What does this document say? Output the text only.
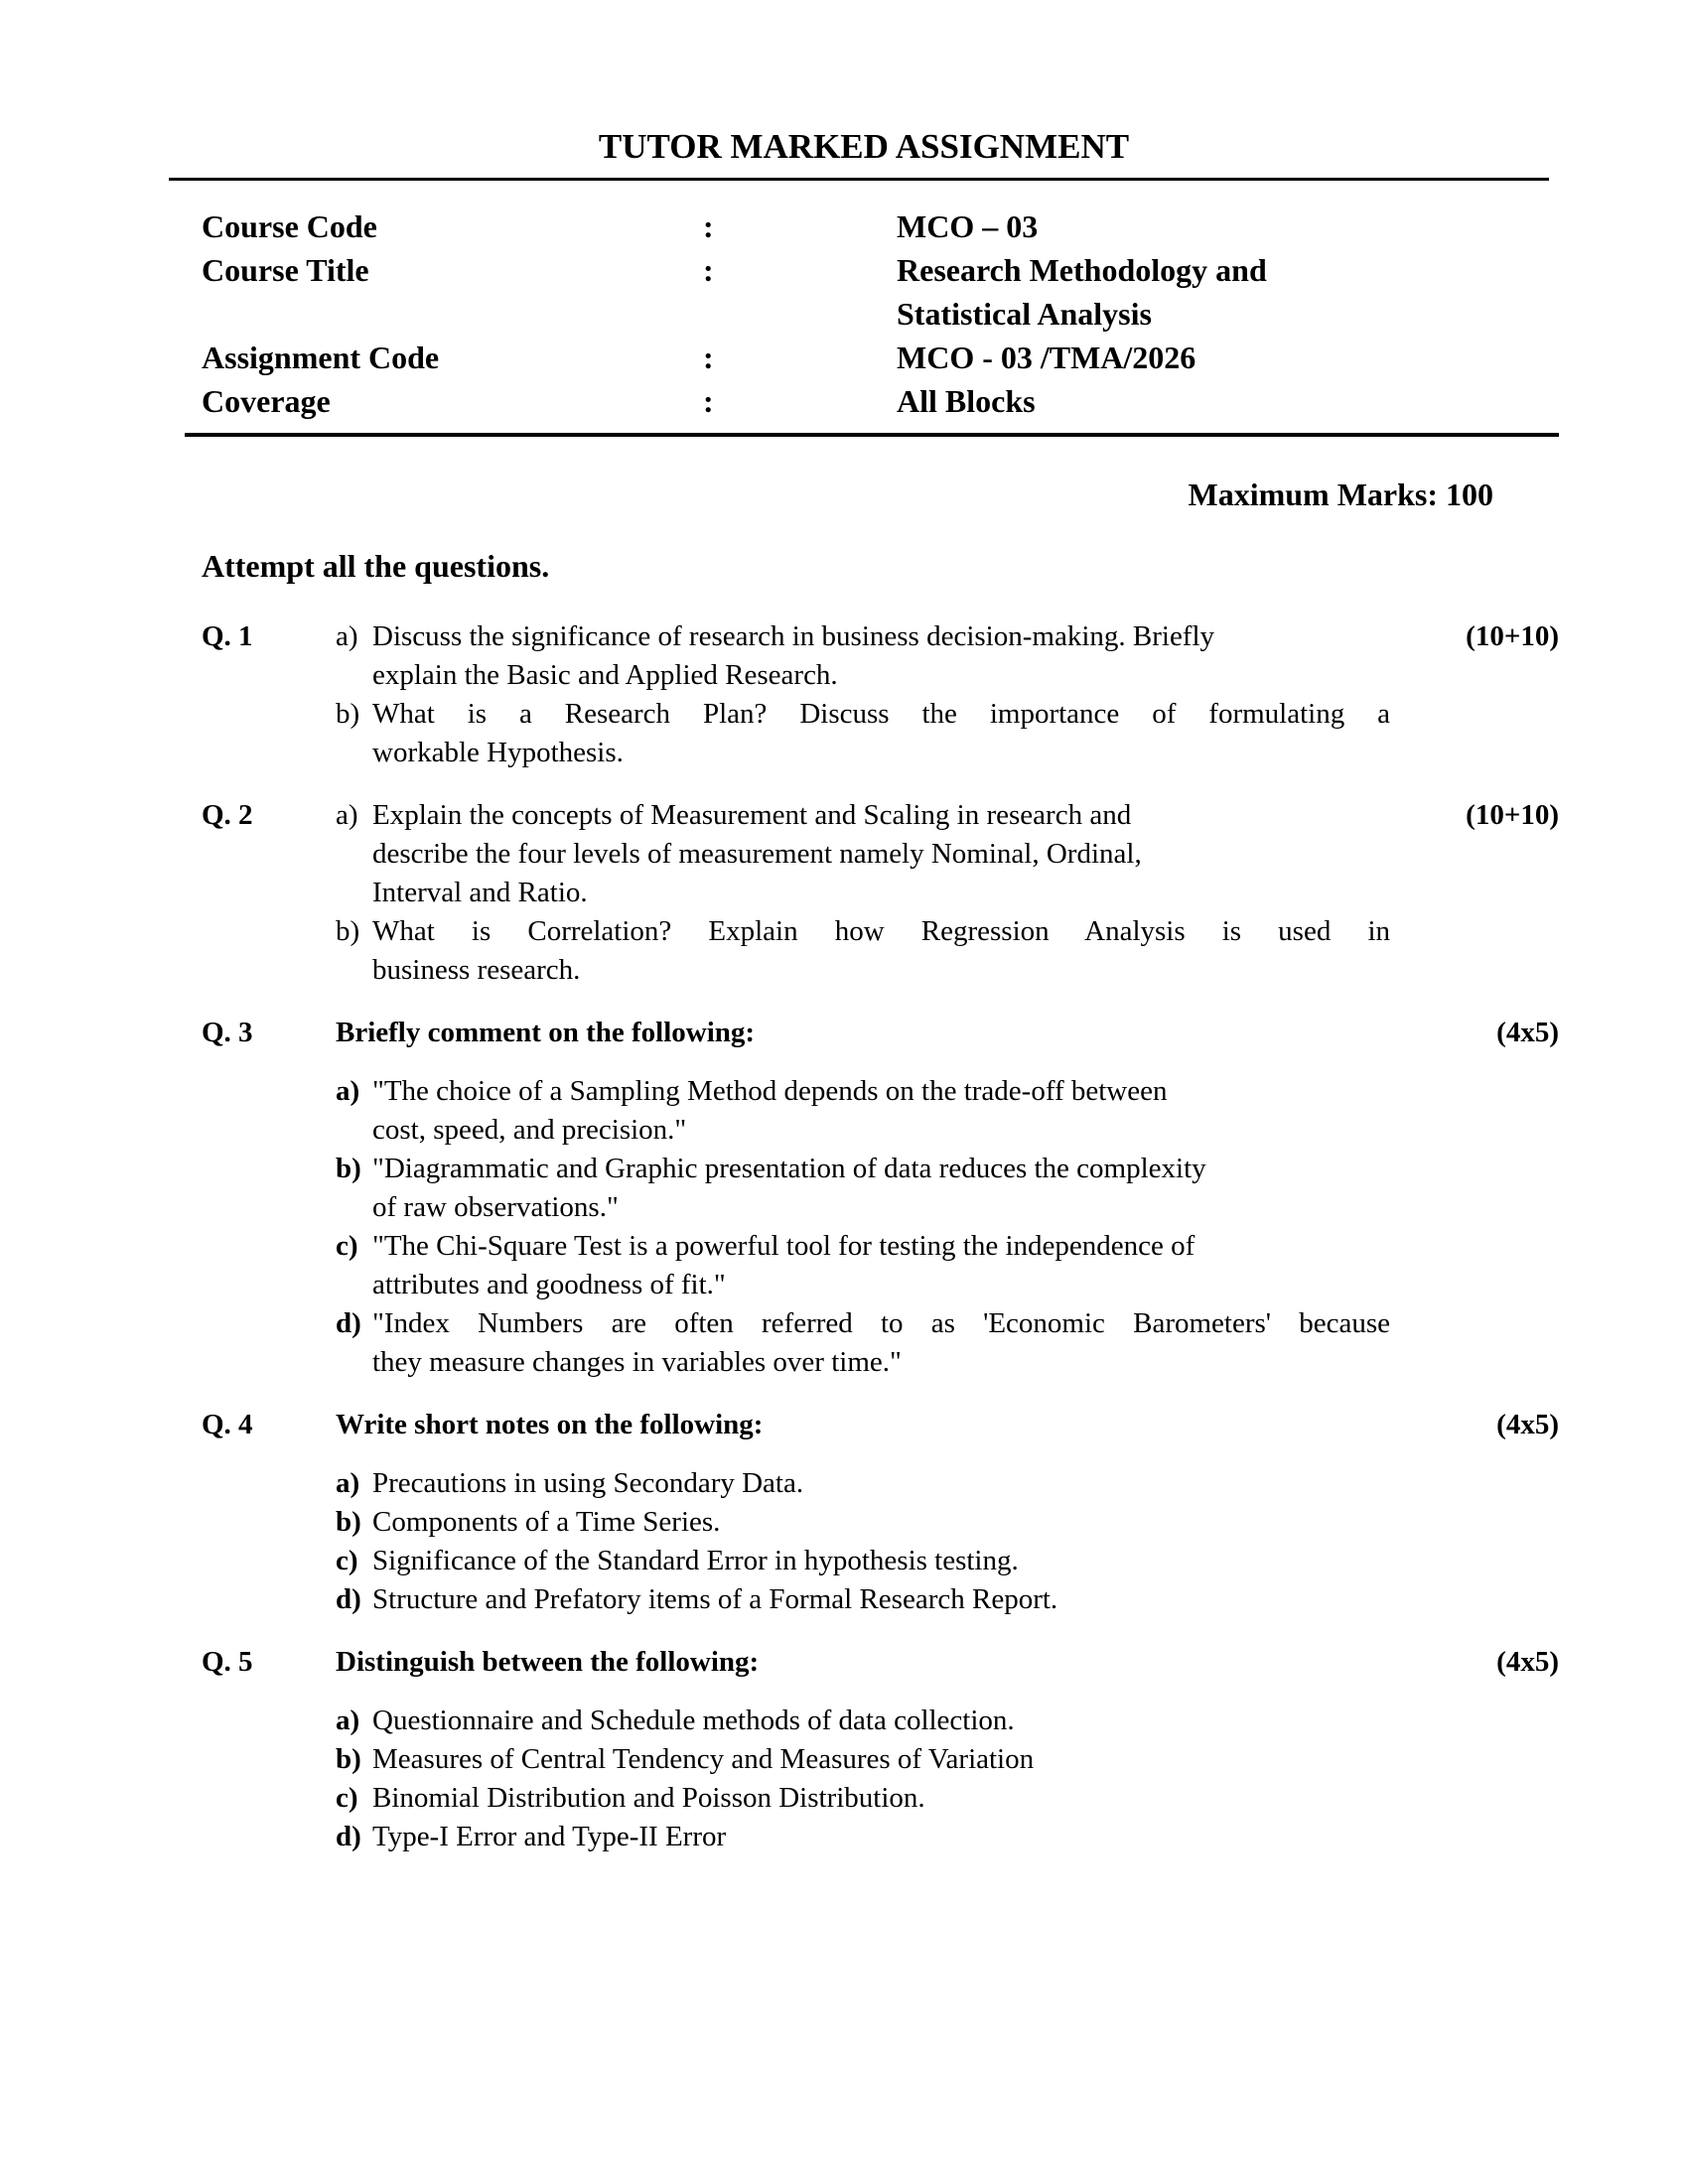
TUTOR MARKED ASSIGNMENT
Course Code	:	MCO – 03
Course Title	:	Research Methodology and
Statistical Analysis
Assignment Code	:	MCO - 03 /TMA/2026
Coverage	:	All Blocks
Maximum Marks: 100
Attempt all the questions.
Q. 1	a) Discuss the significance of research in business decision-making. Briefly
explain the Basic and Applied Research.
b) What is a Research Plan? Discuss the importance of formulating a
workable Hypothesis.
(10+10)
Q. 2	a) Explain the concepts of Measurement and Scaling in research and
describe the four levels of measurement namely Nominal, Ordinal,
Interval and Ratio.
b) What is Correlation? Explain how Regression Analysis is used in
business research.
(10+10)
Q. 3	Briefly comment on the following:
a) "The choice of a Sampling Method depends on the trade-off between
cost, speed, and precision."
b) "Diagrammatic and Graphic presentation of data reduces the complexity
of raw observations."
c) "The Chi-Square Test is a powerful tool for testing the independence of
attributes and goodness of fit."
d) "Index Numbers are often referred to as 'Economic Barometers' because
they measure changes in variables over time."
(4x5)
Q. 4	Write short notes on the following:
a) Precautions in using Secondary Data.
b) Components of a Time Series.
c) Significance of the Standard Error in hypothesis testing.
d) Structure and Prefatory items of a Formal Research Report.
(4x5)
Q. 5	Distinguish between the following:
a) Questionnaire and Schedule methods of data collection.
b) Measures of Central Tendency and Measures of Variation
c) Binomial Distribution and Poisson Distribution.
d) Type-I Error and Type-II Error
(4x5)
